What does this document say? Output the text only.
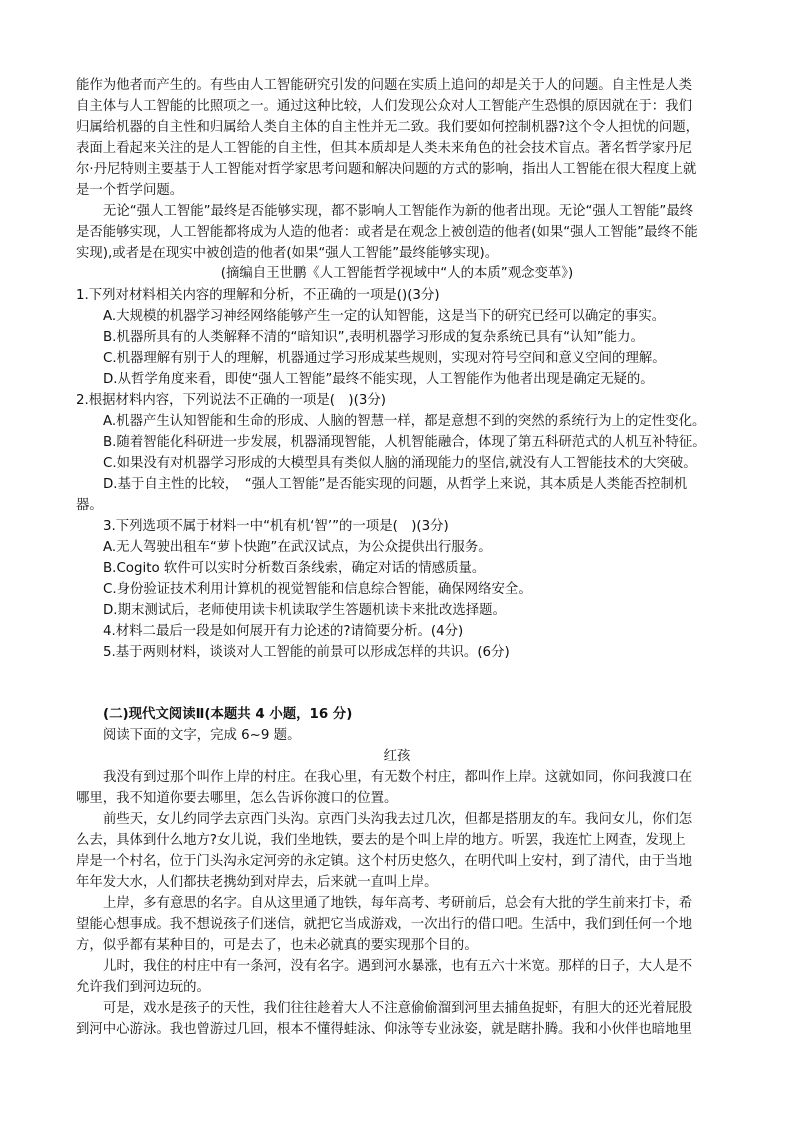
能作为他者而产生的。有些由人工智能研究引发的问题在实质上追问的却是关于人的问题。自主性是人类
自主体与人工智能的比照项之一。通过这种比较，人们发现公众对人工智能产生恐惧的原因就在于：我们
归属给机器的自主性和归属给人类自主体的自主性并无二致。我们要如何控制机器?这个令人担忧的问题，
表面上看起来关注的是人工智能的自主性，但其本质却是人类未来角色的社会技术盲点。著名哲学家丹尼
尔·丹尼特则主要基于人工智能对哲学家思考问题和解决问题的方式的影响，指出人工智能在很大程度上就
是一个哲学问题。
无论“强人工智能”最终是否能够实现，都不影响人工智能作为新的他者出现。无论“强人工智能”最终
是否能够实现，人工智能都将成为人造的他者：或者是在观念上被创造的他者(如果“强人工智能”最终不能
实现),或者是在现实中被创造的他者(如果“强人工智能”最终能够实现)。
(摘编自王世鹏《人工智能哲学视域中“人的本质”观念变革》)
1.下列对材料相关内容的理解和分析，不正确的一项是()(3分)
A.大规模的机器学习神经网络能够产生一定的认知智能，这是当下的研究已经可以确定的事实。
B.机器所具有的人类解释不清的“暗知识”,表明机器学习形成的复杂系统已具有“认知”能力。
C.机器理解有别于人的理解，机器通过学习形成某些规则，实现对符号空间和意义空间的理解。
D.从哲学角度来看，即使“强人工智能”最终不能实现，人工智能作为他者出现是确定无疑的。
2.根据材料内容，下列说法不正确的一项是(　)(3分)
A.机器产生认知智能和生命的形成、人脑的智慧一样，都是意想不到的突然的系统行为上的定性变化。
B.随着智能化科研进一步发展，机器涌现智能，人机智能融合，体现了第五科研范式的人机互补特征。
C.如果没有对机器学习形成的大模型具有类似人脑的涌现能力的坚信,就没有人工智能技术的大突破。
D.基于自主性的比较，　“强人工智能”是否能实现的问题，从哲学上来说，其本质是人类能否控制机
器。
3.下列选项不属于材料一中“机有机‘智’”的一项是(　)(3分)
A.无人驾驶出租车“萝卜快跑”在武汉试点，为公众提供出行服务。
B.Cogito 软件可以实时分析数百条线索，确定对话的情感质量。
C.身份验证技术利用计算机的视觉智能和信息综合智能，确保网络安全。
D.期末测试后，老师使用读卡机读取学生答题机读卡来批改选择题。
4.材料二最后一段是如何展开有力论述的?请简要分析。(4分)
5.基于两则材料，谈谈对人工智能的前景可以形成怎样的共识。(6分)
(二)现代文阅读Ⅱ(本题共 4 小题，16 分)
阅读下面的文字，完成 6~9 题。
红孩
我没有到过那个叫作上岸的村庄。在我心里，有无数个村庄，都叫作上岸。这就如同，你问我渡口在
哪里，我不知道你要去哪里，怎么告诉你渡口的位置。
前些天，女儿约同学去京西门头沟。京西门头沟我去过几次，但都是搭朋友的车。我问女儿，你们怎
么去，具体到什么地方?女儿说，我们坐地铁，要去的是个叫上岸的地方。听罢，我连忙上网查，发现上
岸是一个村名，位于门头沟永定河旁的永定镇。这个村历史悠久，在明代叫上安村，到了清代，由于当地
年年发大水，人们都扶老携幼到对岸去，后来就一直叫上岸。
上岸，多有意思的名字。自从这里通了地铁，每年高考、考研前后，总会有大批的学生前来打卡，希
望能心想事成。我不想说孩子们迷信，就把它当成游戏，一次出行的借口吧。生活中，我们到任何一个地
方，似乎都有某种目的，可是去了，也未必就真的要实现那个目的。
儿时，我住的村庄中有一条河，没有名字。遇到河水暴涨，也有五六十米宽。那样的日子，大人是不
允许我们到河边玩的。
可是，戏水是孩子的天性，我们往往趁着大人不注意偷偷溜到河里去捕鱼捉虾，有胆大的还光着屁股
到河中心游泳。我也曾游过几回，根本不懂得蛙泳、仰泳等专业泳姿，就是瞎扑腾。我和小伙伴也暗地里
